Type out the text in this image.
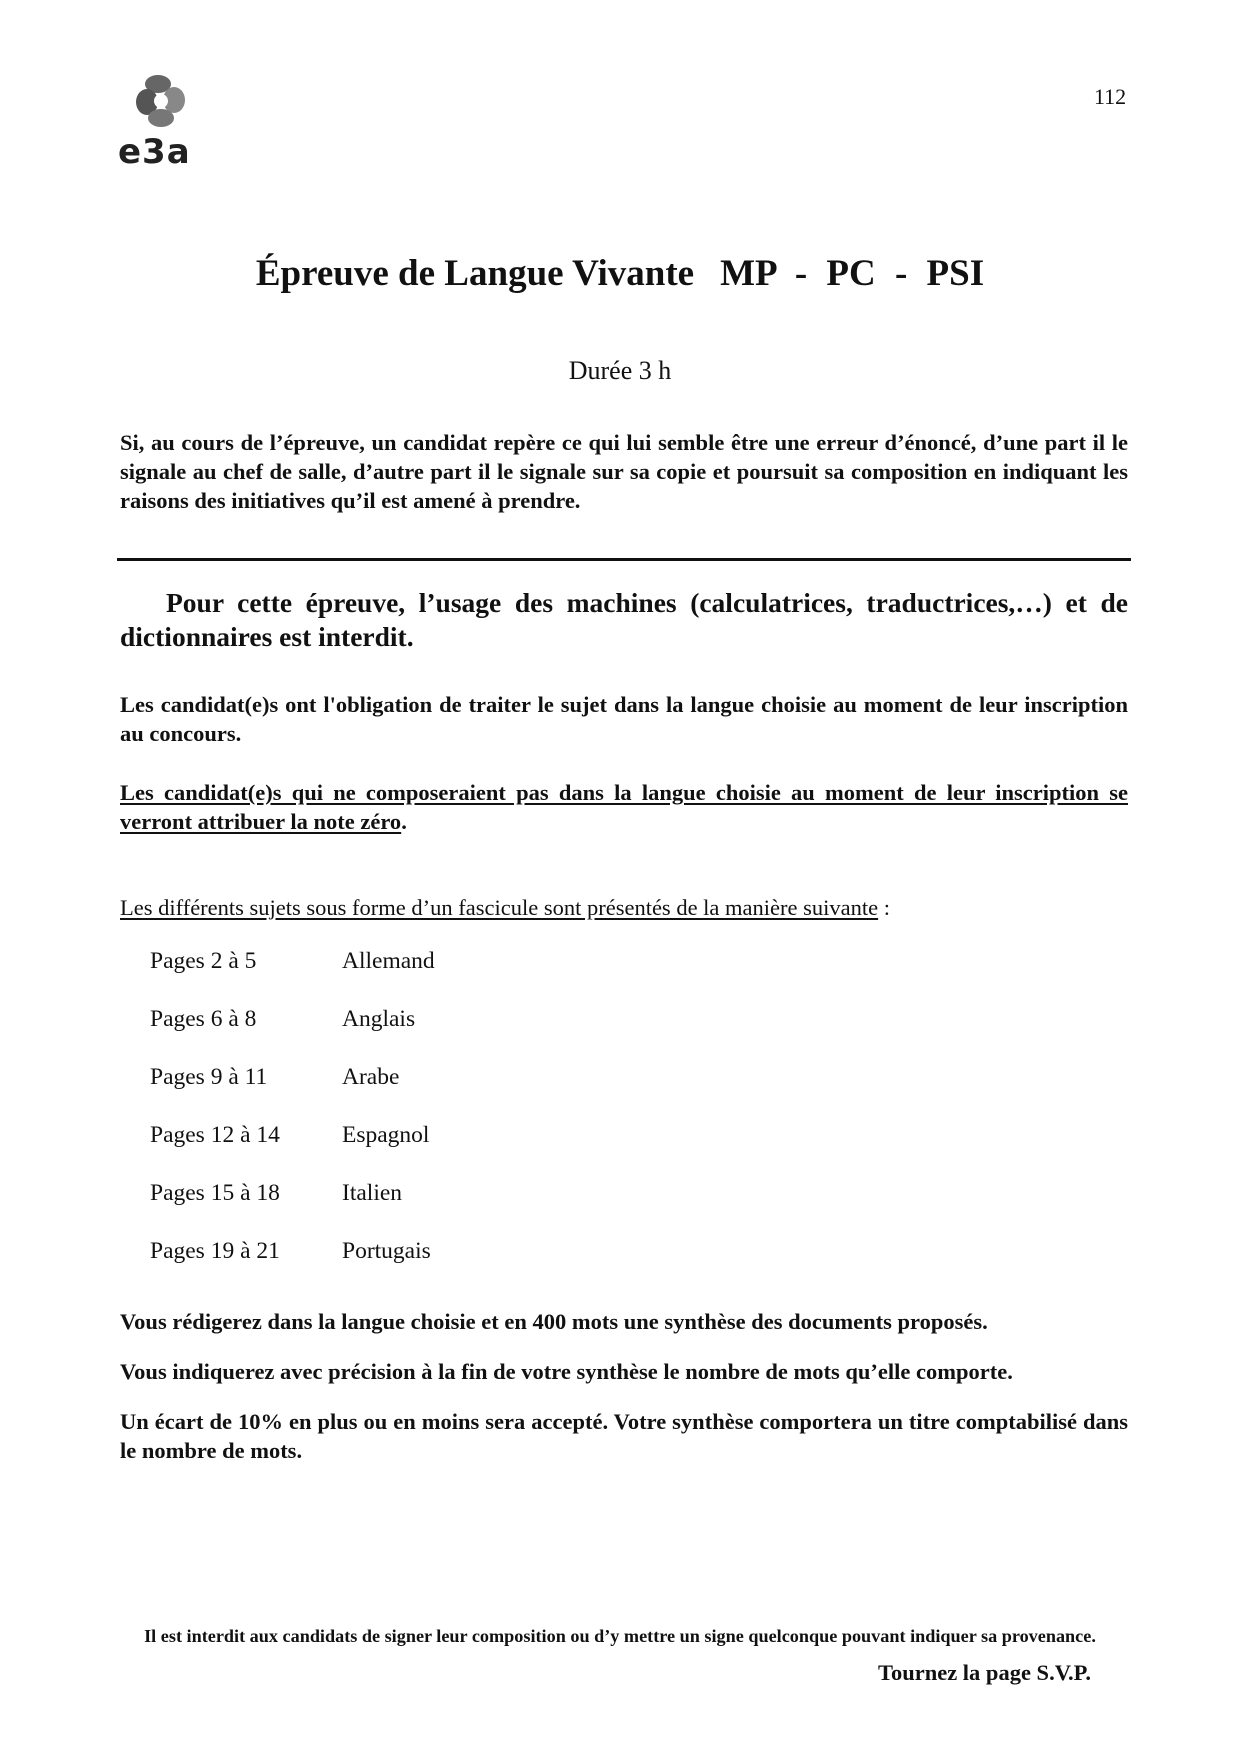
e3a
112
Épreuve de Langue Vivante MP - PC - PSI
Durée 3 h
Si, au cours de l’épreuve, un candidat repère ce qui lui semble être une erreur d’énoncé, d’une part il le signale au chef de salle, d’autre part il le signale sur sa copie et poursuit sa composition en indiquant les raisons des initiatives qu’il est amené à prendre.
Pour cette épreuve, l’usage des machines (calculatrices, traductrices,…) et de dictionnaires est interdit.
Les candidat(e)s ont l'obligation de traiter le sujet dans la langue choisie au moment de leur inscription au concours.
Les candidat(e)s qui ne composeraient pas dans la langue choisie au moment de leur inscription se verront attribuer la note zéro.
Les différents sujets sous forme d’un fascicule sont présentés de la manière suivante :
Pages 2 à 5	Allemand
Pages 6 à 8	Anglais
Pages 9 à 11	Arabe
Pages 12 à 14	Espagnol
Pages 15 à 18	Italien
Pages 19 à 21	Portugais
Vous rédigerez dans la langue choisie et en 400 mots une synthèse des documents proposés.
Vous indiquerez avec précision à la fin de votre synthèse le nombre de mots qu’elle comporte.
Un écart de 10% en plus ou en moins sera accepté. Votre synthèse comportera un titre comptabilisé dans le nombre de mots.
Il est interdit aux candidats de signer leur composition ou d’y mettre un signe quelconque pouvant indiquer sa provenance.
Tournez la page S.V.P.
